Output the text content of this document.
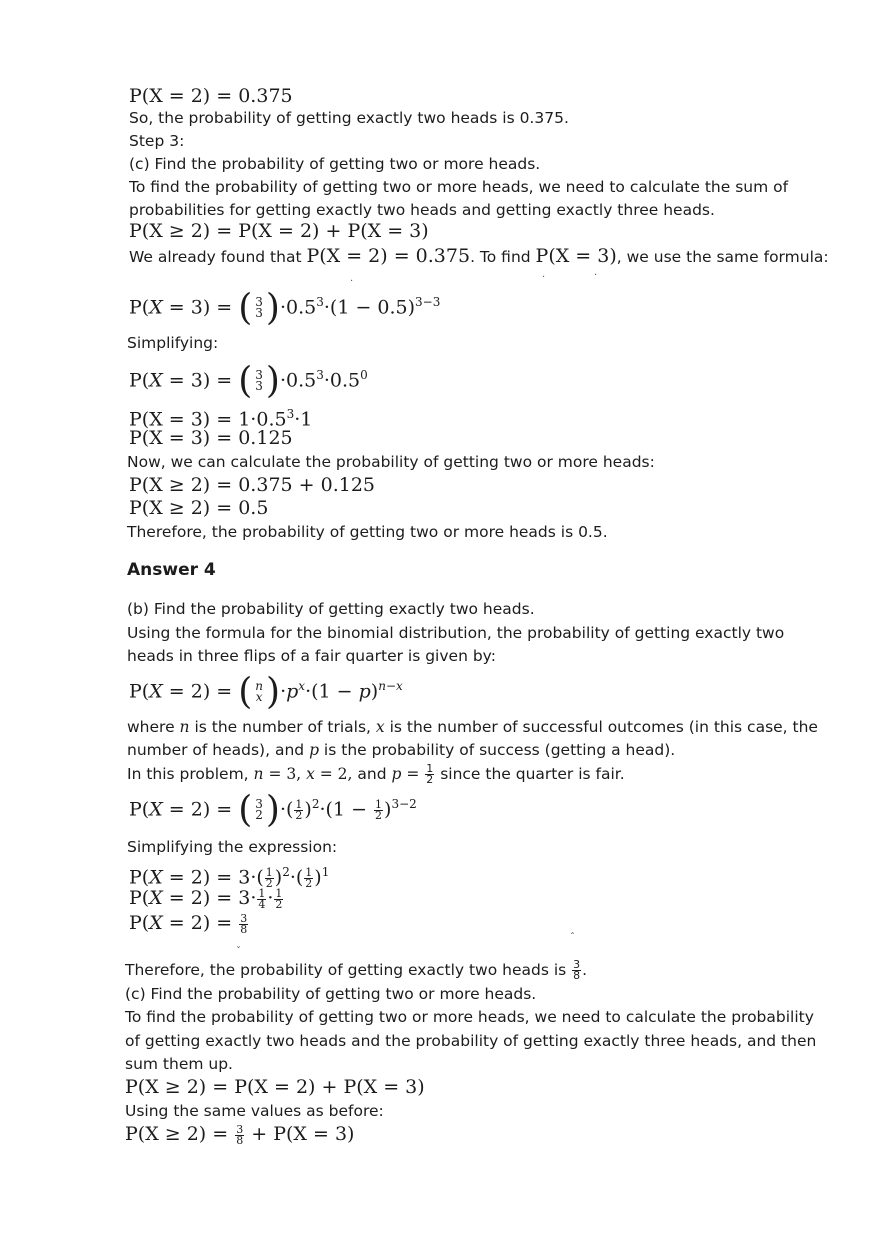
P(X = 2) = 0.375
So, the probability of getting exactly two heads is 0.375.
Step 3:
(c) Find the probability of getting two or more heads.
To find the probability of getting two or more heads, we need to calculate the sum of
probabilities for getting exactly two heads and getting exactly three heads.
P(X ≥ 2) = P(X = 2) + P(X = 3)
We already found that P(X = 2) = 0.375. To find P(X = 3), we use the same formula:
·	·	·
P(X = 3) = ( 3
3 )$\cdot 0.5^3\cdot(1 - 0.5)^{3-3}$
Simplifying:
P(X = 3) = ( 3
3 )$\cdot 0.5^3\cdot 0.5^0$
$P(X = 3) = 1\cdot 0.5^3\cdot 1$
P(X = 3) = 0.125
Now, we can calculate the probability of getting two or more heads:
P(X ≥ 2) = 0.375 + 0.125
P(X ≥ 2) = 0.5
Therefore, the probability of getting two or more heads is 0.5.
Answer 4
(b) Find the probability of getting exactly two heads.
Using the formula for the binomial distribution, the probability of getting exactly two
heads in three flips of a fair quarter is given by:
P(X = 2) = ( n
x )$\cdot p^x\cdot(1 - p)^{n-x}$
where n is the number of trials, x is the number of successful outcomes (in this case, the
number of heads), and p is the probability of success (getting a head).
In this problem, n = 3, x = 2, and $p = \frac{1}{2}$ since the quarter is fair.
P(X = 2) = ( 3
2 )·( $\frac{1}{2} )^2\cdot(1 - \frac{1}{2} )^{3-2}$
Simplifying the expression:
$P(X = 2) = 3\cdot( \frac{1}{2} )^2\cdot( \frac{1}{2} )^1$
$P(X = 2) = 3\cdot \frac{1}{4} \cdot \frac{1}{2}$
$P(X = 2) = \frac{3}{8}$
ˆ
ˇ
Therefore, the probability of getting exactly two heads is $\frac{3}{8}$ .
(c) Find the probability of getting two or more heads.
To find the probability of getting two or more heads, we need to calculate the probability
of getting exactly two heads and the probability of getting exactly three heads, and then
sum them up.
P(X ≥ 2) = P(X = 2) + P(X = 3)
Using the same values as before:
$P(X \ge 2) = \frac{3}{8} + P(X = 3)$
